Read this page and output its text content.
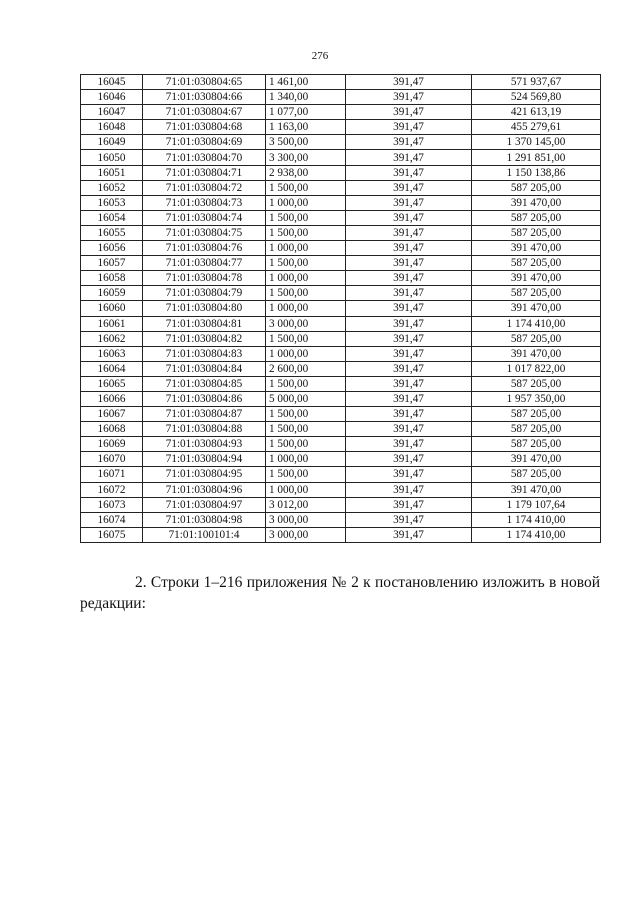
276
16045	71:01:030804:65	1 461,00	391,47	571 937,67
16046	71:01:030804:66	1 340,00	391,47	524 569,80
16047	71:01:030804:67	1 077,00	391,47	421 613,19
16048	71:01:030804:68	1 163,00	391,47	455 279,61
16049	71:01:030804:69	3 500,00	391,47	1 370 145,00
16050	71:01:030804:70	3 300,00	391,47	1 291 851,00
16051	71:01:030804:71	2 938,00	391,47	1 150 138,86
16052	71:01:030804:72	1 500,00	391,47	587 205,00
16053	71:01:030804:73	1 000,00	391,47	391 470,00
16054	71:01:030804:74	1 500,00	391,47	587 205,00
16055	71:01:030804:75	1 500,00	391,47	587 205,00
16056	71:01:030804:76	1 000,00	391,47	391 470,00
16057	71:01:030804:77	1 500,00	391,47	587 205,00
16058	71:01:030804:78	1 000,00	391,47	391 470,00
16059	71:01:030804:79	1 500,00	391,47	587 205,00
16060	71:01:030804:80	1 000,00	391,47	391 470,00
16061	71:01:030804:81	3 000,00	391,47	1 174 410,00
16062	71:01:030804:82	1 500,00	391,47	587 205,00
16063	71:01:030804:83	1 000,00	391,47	391 470,00
16064	71:01:030804:84	2 600,00	391,47	1 017 822,00
16065	71:01:030804:85	1 500,00	391,47	587 205,00
16066	71:01:030804:86	5 000,00	391,47	1 957 350,00
16067	71:01:030804:87	1 500,00	391,47	587 205,00
16068	71:01:030804:88	1 500,00	391,47	587 205,00
16069	71:01:030804:93	1 500,00	391,47	587 205,00
16070	71:01:030804:94	1 000,00	391,47	391 470,00
16071	71:01:030804:95	1 500,00	391,47	587 205,00
16072	71:01:030804:96	1 000,00	391,47	391 470,00
16073	71:01:030804:97	3 012,00	391,47	1 179 107,64
16074	71:01:030804:98	3 000,00	391,47	1 174 410,00
16075	71:01:100101:4	3 000,00	391,47	1 174 410,00
2. Строки 1–216 приложения № 2 к постановлению изложить в новой редакции:
